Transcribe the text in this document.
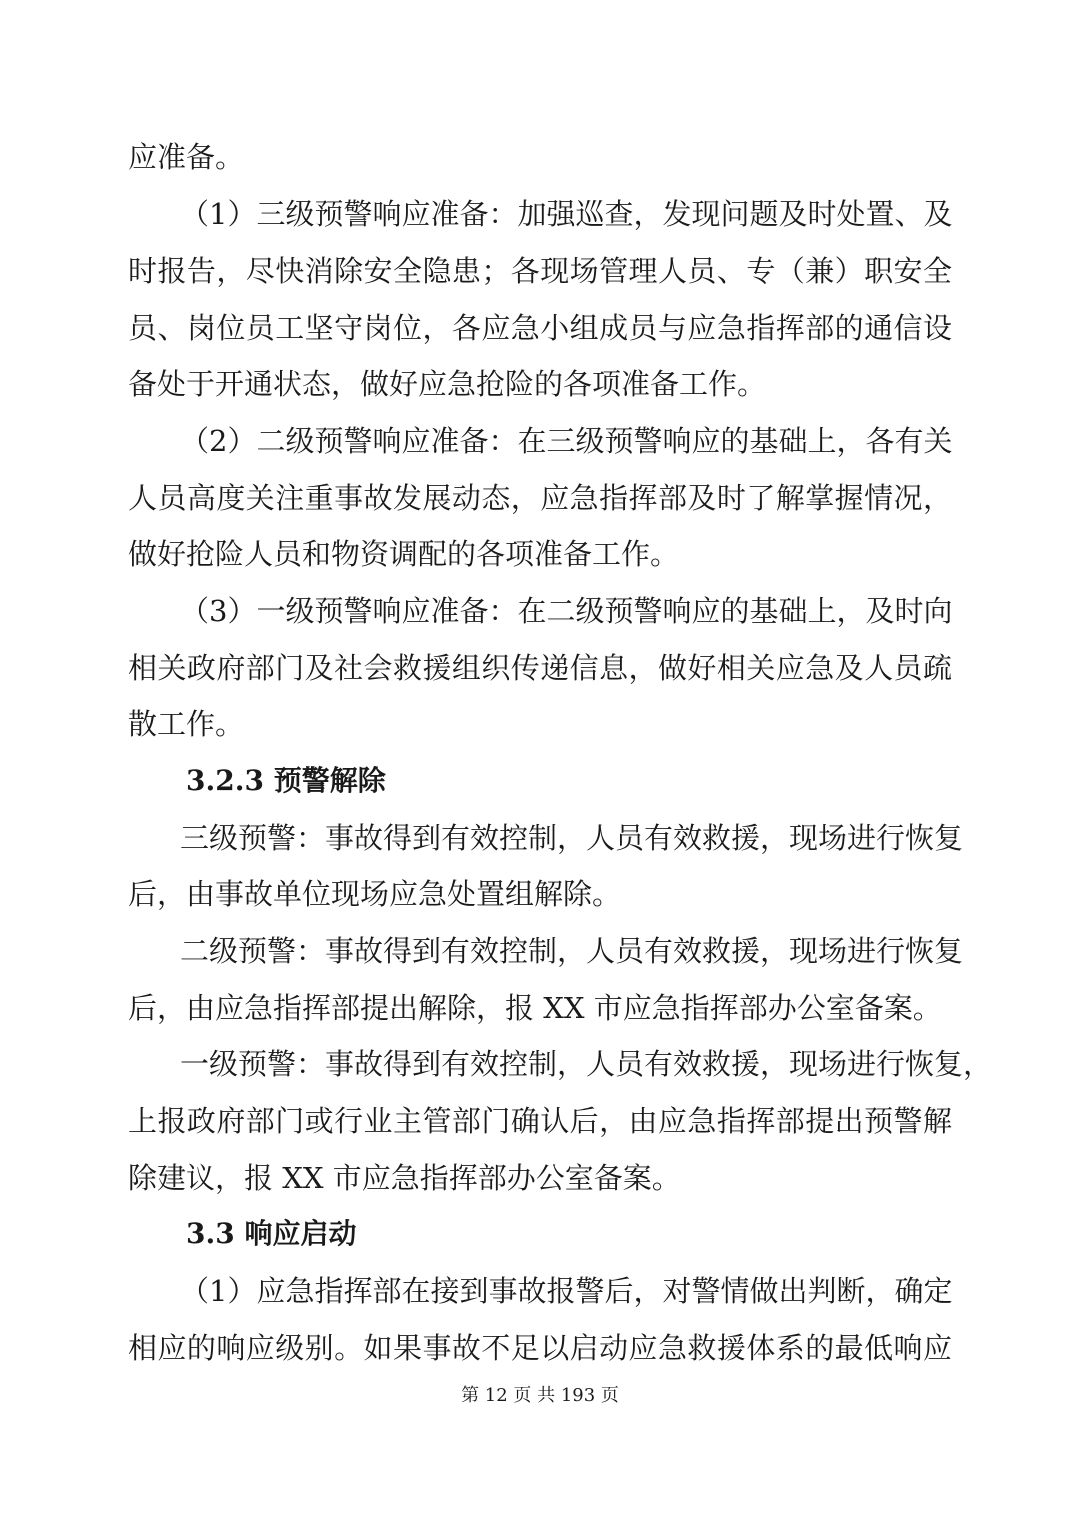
应准备。
（1）三级预警响应准备：加强巡查，发现问题及时处置、及
时报告，尽快消除安全隐患；各现场管理人员、专（兼）职安全
员、岗位员工坚守岗位，各应急小组成员与应急指挥部的通信设
备处于开通状态，做好应急抢险的各项准备工作。
（2）二级预警响应准备：在三级预警响应的基础上，各有关
人员高度关注重事故发展动态，应急指挥部及时了解掌握情况，
做好抢险人员和物资调配的各项准备工作。
（3）一级预警响应准备：在二级预警响应的基础上，及时向
相关政府部门及社会救援组织传递信息，做好相关应急及人员疏
散工作。
3.2.3 预警解除
三级预警：事故得到有效控制，人员有效救援，现场进行恢复
后，由事故单位现场应急处置组解除。
二级预警：事故得到有效控制，人员有效救援，现场进行恢复
后，由应急指挥部提出解除，报 XX 市应急指挥部办公室备案。
一级预警：事故得到有效控制，人员有效救援，现场进行恢复，
上报政府部门或行业主管部门确认后，由应急指挥部提出预警解
除建议，报 XX 市应急指挥部办公室备案。
3.3 响应启动
（1）应急指挥部在接到事故报警后，对警情做出判断，确定
相应的响应级别。如果事故不足以启动应急救援体系的最低响应
第 12 页 共 193 页
